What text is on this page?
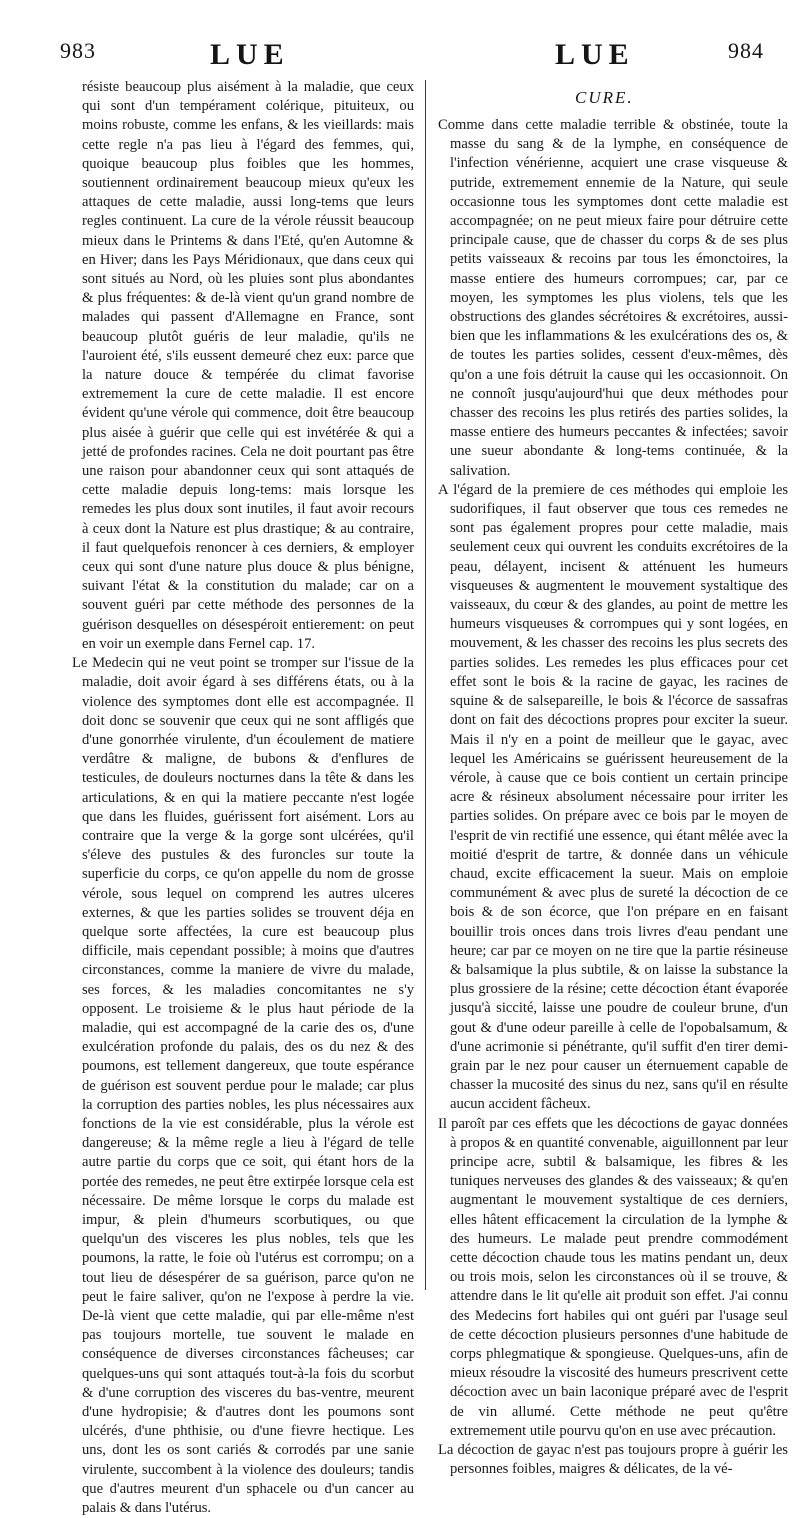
983	LUE	LUE	984

résiste beaucoup plus aisément à la maladie, que ceux qui sont d'un tempérament colérique, pituiteux, ou moins robuste, comme les enfans, & les vieillards: mais cette regle n'a pas lieu à l'égard des femmes, qui, quoique beaucoup plus foibles que les hommes, soutiennent ordinairement beaucoup mieux qu'eux les attaques de cette maladie, aussi long-tems que leurs regles continuent. La cure de la vérole réussit beaucoup mieux dans le Printems & dans l'Eté, qu'en Automne & en Hiver; dans les Pays Méridionaux, que dans ceux qui sont situés au Nord, où les pluies sont plus abondantes & plus fréquentes: & de-là vient qu'un grand nombre de malades qui passent d'Allemagne en France, sont beaucoup plutôt guéris de leur maladie, qu'ils ne l'auroient été, s'ils eussent demeuré chez eux: parce que la nature douce & tempérée du climat favorise extremement la cure de cette maladie. Il est encore évident qu'une vérole qui commence, doit être beaucoup plus aisée à guérir que celle qui est invétérée & qui a jetté de profondes racines. Cela ne doit pourtant pas être une raison pour abandonner ceux qui sont attaqués de cette maladie depuis long-tems: mais lorsque les remedes les plus doux sont inutiles, il faut avoir recours à ceux dont la Nature est plus drastique; & au contraire, il faut quelquefois renoncer à ces derniers, & employer ceux qui sont d'une nature plus douce & plus bénigne, suivant l'état & la constitution du malade; car on a souvent guéri par cette méthode des personnes de la guérison desquelles on désespéroit entierement: on peut en voir un exemple dans Fernel cap. 17.

Le Medecin qui ne veut point se tromper sur l'issue de la maladie, doit avoir égard à ses différens états, ou à la violence des symptomes dont elle est accompagnée. Il doit donc se souvenir que ceux qui ne sont affligés que d'une gonorrhée virulente, d'un écoulement de matiere verdâtre & maligne, de bubons & d'enflures de testicules, de douleurs nocturnes dans la tête & dans les articulations, & en qui la matiere peccante n'est logée que dans les fluides, guérissent fort aisément. Lors au contraire que la verge & la gorge sont ulcérées, qu'il s'éleve des pustules & des furoncles sur toute la superficie du corps, ce qu'on appelle du nom de grosse vérole, sous lequel on comprend les autres ulceres externes, & que les parties solides se trouvent déja en quelque sorte affectées, la cure est beaucoup plus difficile, mais cependant possible; à moins que d'autres circonstances, comme la maniere de vivre du malade, ses forces, & les maladies concomitantes ne s'y opposent. Le troisieme & le plus haut période de la maladie, qui est accompagné de la carie des os, d'une exulcération profonde du palais, des os du nez & des poumons, est tellement dangereux, que toute espérance de guérison est souvent perdue pour le malade; car plus la corruption des parties nobles, les plus nécessaires aux fonctions de la vie est considérable, plus la vérole est dangereuse; & la même regle a lieu à l'égard de telle autre partie du corps que ce soit, qui étant hors de la portée des remedes, ne peut être extirpée lorsque cela est nécessaire. De même lorsque le corps du malade est impur, & plein d'humeurs scorbutiques, ou que quelqu'un des visceres les plus nobles, tels que les poumons, la ratte, le foie où l'utérus est corrompu; on a tout lieu de désespérer de sa guérison, parce qu'on ne peut le faire saliver, qu'on ne l'expose à perdre la vie. De-là vient que cette maladie, qui par elle-même n'est pas toujours mortelle, tue souvent le malade en conséquence de diverses circonstances fâcheuses; car quelques-uns qui sont attaqués tout-à-la fois du scorbut & d'une corruption des visceres du bas-ventre, meurent d'une hydropisie; & d'autres dont les poumons sont ulcérés, d'une phthisie, ou d'une fievre hectique. Les uns, dont les os sont cariés & corrodés par une sanie virulente, succombent à la violence des douleurs; tandis que d'autres meurent d'un sphacele ou d'un cancer au palais & dans l'utérus.

CURE.

Comme dans cette maladie terrible & obstinée, toute la masse du sang & de la lymphe, en conséquence de l'infection vénérienne, acquiert une crase visqueuse & putride, extremement ennemie de la Nature, qui seule occasionne tous les symptomes dont cette maladie est accompagnée; on ne peut mieux faire pour détruire cette principale cause, que de chasser du corps & de ses plus petits vaisseaux & recoins par tous les émonctoires, la masse entiere des humeurs corrompues; car, par ce moyen, les symptomes les plus violens, tels que les obstructions des glandes sécrétoires & excrétoires, aussi-bien que les inflammations & les exulcérations des os, & de toutes les parties solides, cessent d'eux-mêmes, dès qu'on a une fois détruit la cause qui les occasionnoit. On ne connoît jusqu'aujourd'hui que deux méthodes pour chasser des recoins les plus retirés des parties solides, la masse entiere des humeurs peccantes & infectées; savoir une sueur abondante & long-tems continuée, & la salivation.

A l'égard de la premiere de ces méthodes qui emploie les sudorifiques, il faut observer que tous ces remedes ne sont pas également propres pour cette maladie, mais seulement ceux qui ouvrent les conduits excrétoires de la peau, délayent, incisent & atténuent les humeurs visqueuses & augmentent le mouvement systaltique des vaisseaux, du cœur & des glandes, au point de mettre les humeurs visqueuses & corrompues qui y sont logées, en mouvement, & les chasser des recoins les plus secrets des parties solides. Les remedes les plus efficaces pour cet effet sont le bois & la racine de gayac, les racines de squine & de salsepareille, le bois & l'écorce de sassafras dont on fait des décoctions propres pour exciter la sueur. Mais il n'y en a point de meilleur que le gayac, avec lequel les Américains se guérissent heureusement de la vérole, à cause que ce bois contient un certain principe acre & résineux absolument nécessaire pour irriter les parties solides. On prépare avec ce bois par le moyen de l'esprit de vin rectifié une essence, qui étant mêlée avec la moitié d'esprit de tartre, & donnée dans un véhicule chaud, excite efficacement la sueur. Mais on emploie communément & avec plus de sureté la décoction de ce bois & de son écorce, que l'on prépare en en faisant bouillir trois onces dans trois livres d'eau pendant une heure; car par ce moyen on ne tire que la partie résineuse & balsamique la plus subtile, & on laisse la substance la plus grossiere de la résine; cette décoction étant évaporée jusqu'à siccité, laisse une poudre de couleur brune, d'un gout & d'une odeur pareille à celle de l'opobalsamum, & d'une acrimonie si pénétrante, qu'il suffit d'en tirer demi-grain par le nez pour causer un éternuement capable de chasser la mucosité des sinus du nez, sans qu'il en résulte aucun accident fâcheux.

Il paroît par ces effets que les décoctions de gayac données à propos & en quantité convenable, aiguillonnent par leur principe acre, subtil & balsamique, les fibres & les tuniques nerveuses des glandes & des vaisseaux; & qu'en augmentant le mouvement systaltique de ces derniers, elles hâtent efficacement la circulation de la lymphe & des humeurs. Le malade peut prendre commodément cette décoction chaude tous les matins pendant un, deux ou trois mois, selon les circonstances où il se trouve, & attendre dans le lit qu'elle ait produit son effet. J'ai connu des Medecins fort habiles qui ont guéri par l'usage seul de cette décoction plusieurs personnes d'une habitude de corps phlegmatique & spongieuse. Quelques-uns, afin de mieux résoudre la viscosité des humeurs prescrivent cette décoction avec un bain laconique préparé avec de l'esprit de vin allumé. Cette méthode ne peut qu'être extremement utile pourvu qu'on en use avec précaution.

La décoction de gayac n'est pas toujours propre à guérir les personnes foibles, maigres & délicates, de la vé-
